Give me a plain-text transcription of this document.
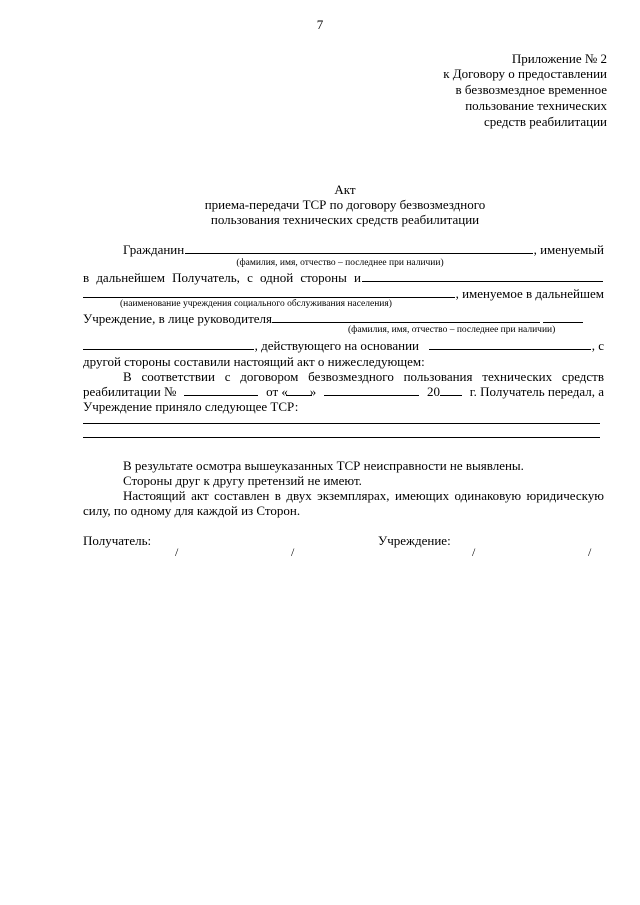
7
Приложение № 2
к Договору о предоставлении
в безвозмездное временное
пользование технических
средств реабилитации
Акт
приема-передачи ТСР по договору безвозмездного
пользования технических средств реабилитации
Гражданин	, именуемый
(фамилия, имя, отчество – последнее при наличии)
в дальнейшем Получатель, с одной стороны и
, именуемое в дальнейшем
(наименование учреждения социального обслуживания населения)
Учреждение, в лице руководителя
(фамилия, имя, отчество – последнее при наличии)
, действующего на основании	, с
другой стороны составили настоящий акт о нижеследующем:
В соответствии с договором безвозмездного пользования технических средств
реабилитации №	от « »	20 г. Получатель передал, а
Учреждение приняло следующее ТСР:
В результате осмотра вышеуказанных ТСР неисправности не выявлены.
Стороны друг к другу претензий не имеют.
Настоящий акт составлен в двух экземплярах, имеющих одинаковую юридическую
силу, по одному для каждой из Сторон.
Получатель:	Учреждение:
/	/	/	/
